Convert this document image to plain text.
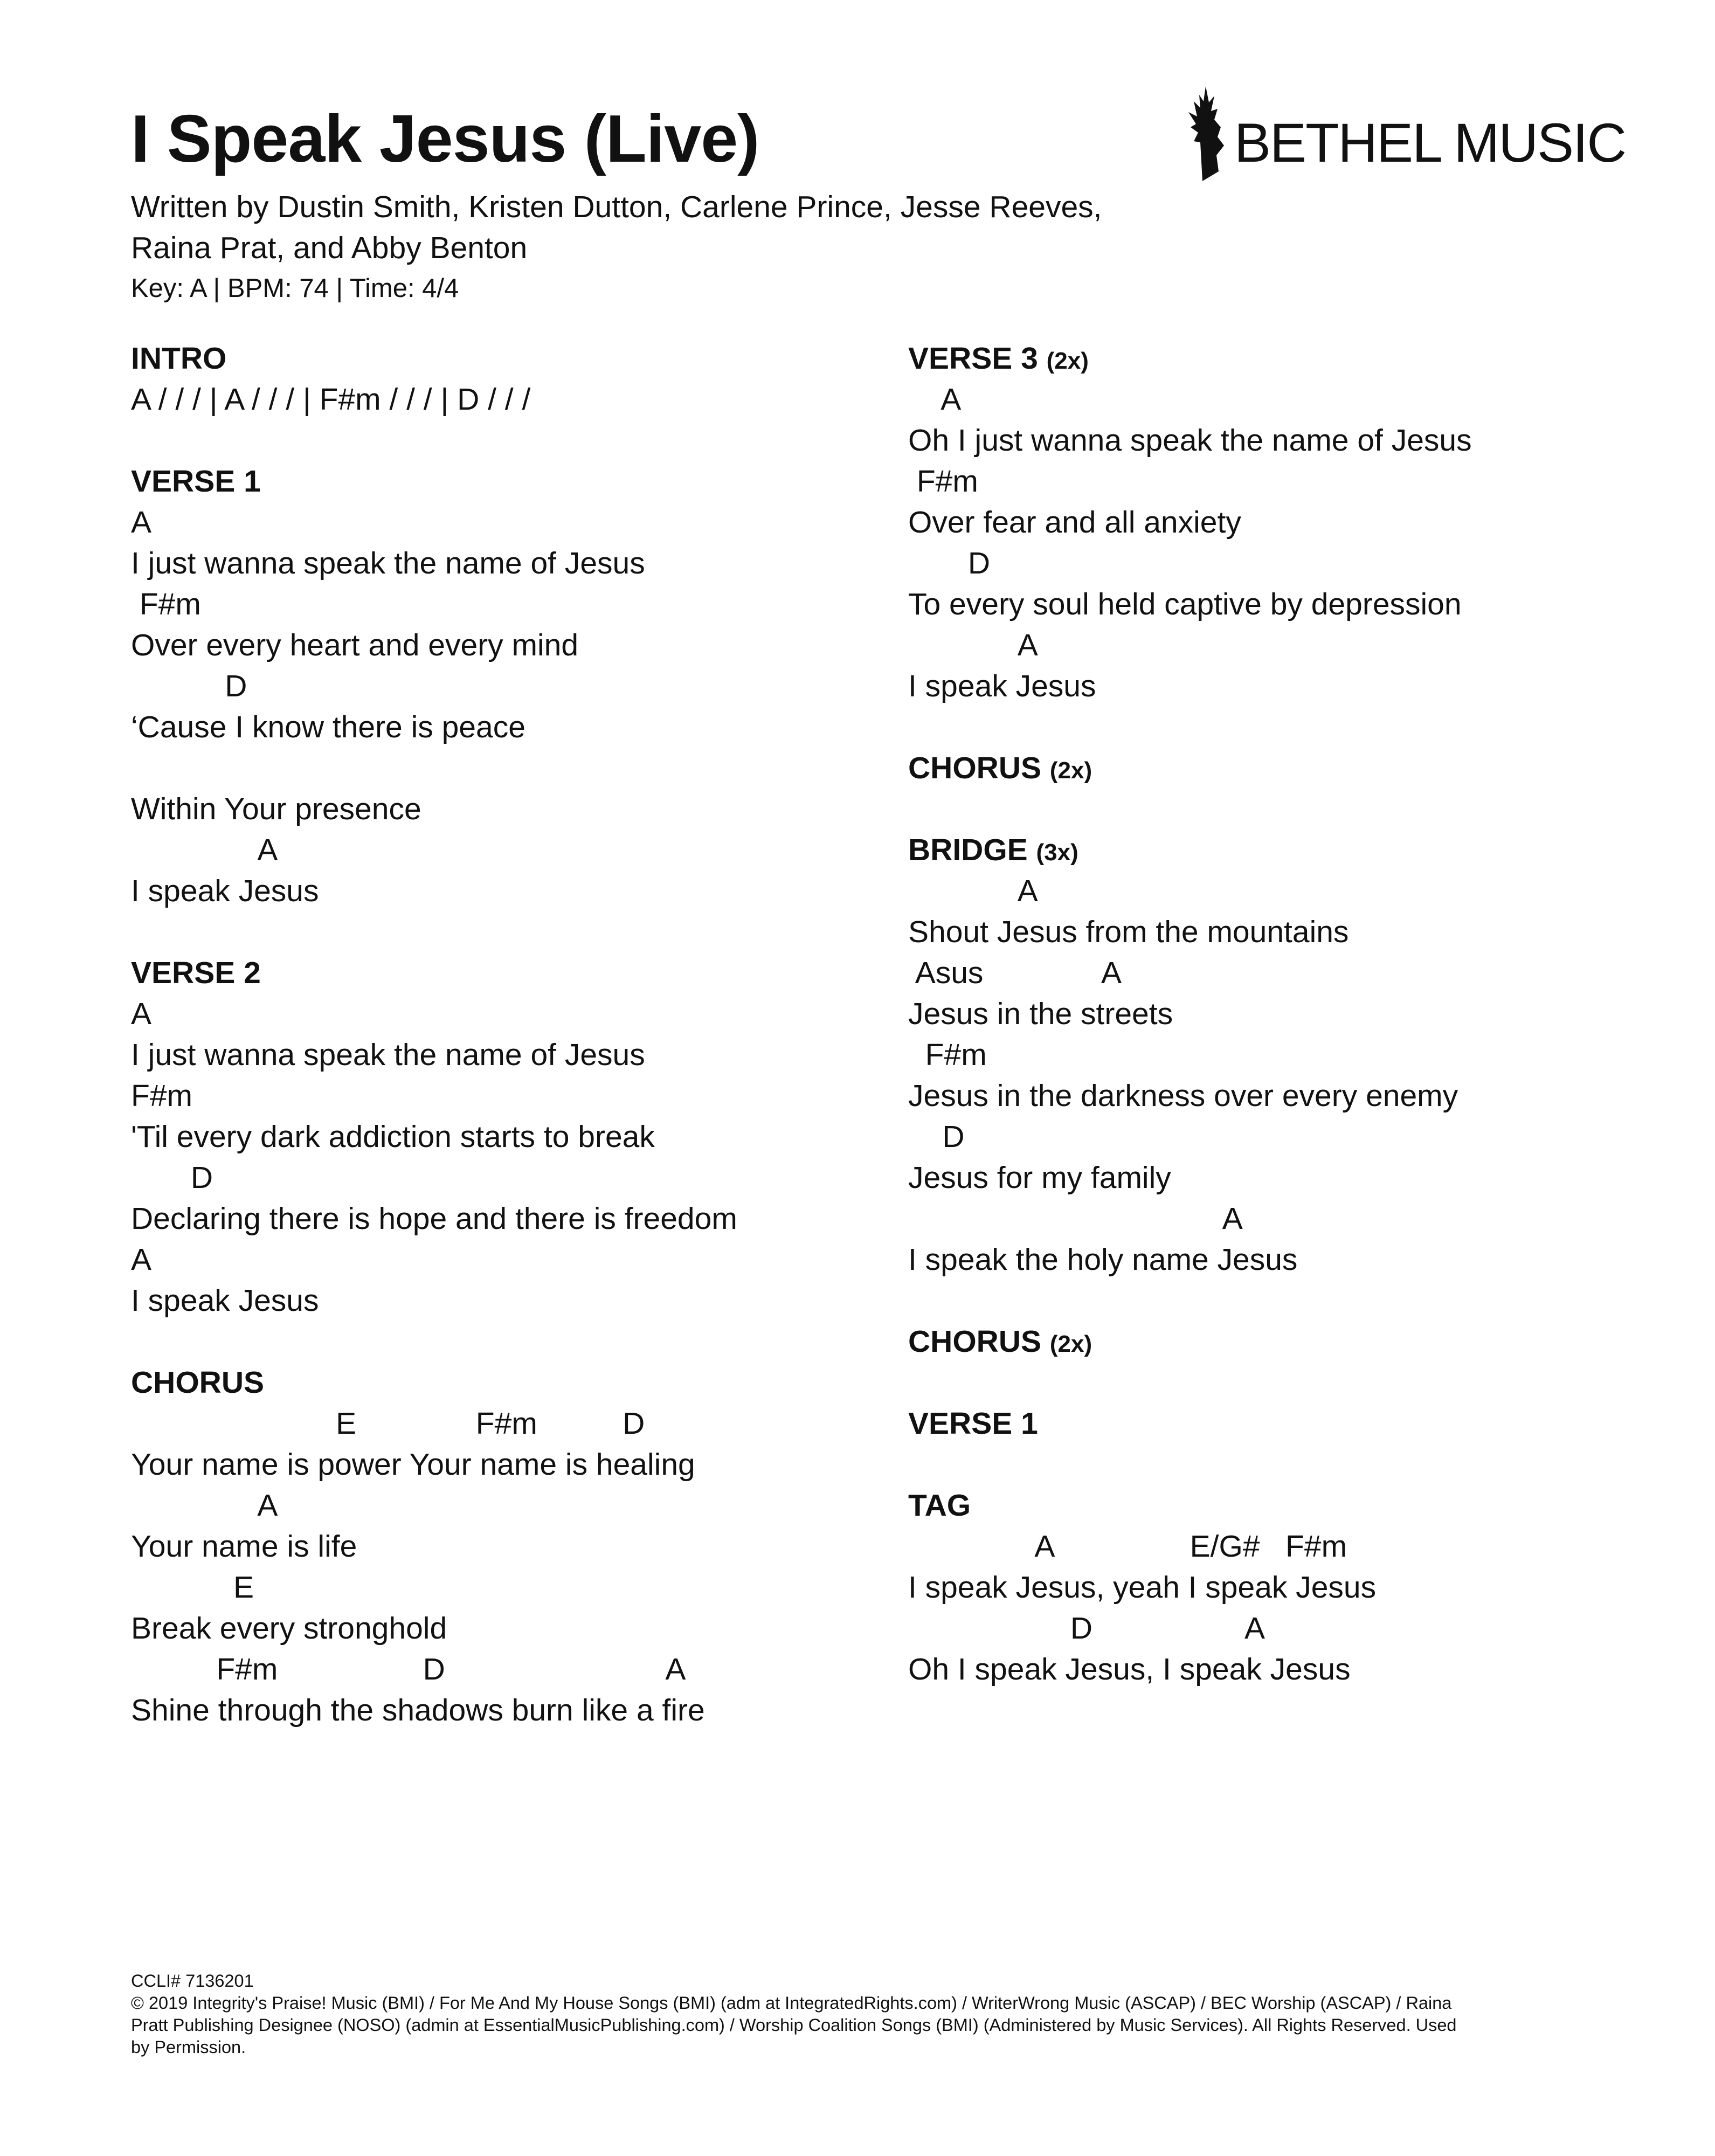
I Speak Jesus (Live)	BETHEL MUSIC
Written by Dustin Smith, Kristen Dutton, Carlene Prince, Jesse Reeves,
Raina Prat, and Abby Benton
Key: A | BPM: 74 | Time: 4/4
INTRO
A / / / | A / / / | F#m / / / | D / / /
VERSE 1
A
I just wanna speak the name of Jesus
F#m
Over every heart and every mind
D
‘Cause I know there is peace
Within Your presence
A
I speak Jesus
VERSE 2
A
I just wanna speak the name of Jesus
F#m
'Til every dark addiction starts to break
D
Declaring there is hope and there is freedom
A
I speak Jesus
CHORUS
E              F#m          D
Your name is power Your name is healing
A
Your name is life
E
Break every stronghold
F#m                 D                          A
Shine through the shadows burn like a fire
VERSE 3 (2x)
A
Oh I just wanna speak the name of Jesus
F#m
Over fear and all anxiety
D
To every soul held captive by depression
A
I speak Jesus
CHORUS (2x)
BRIDGE (3x)
A
Shout Jesus from the mountains
Asus              A
Jesus in the streets
F#m
Jesus in the darkness over every enemy
D
Jesus for my family
A
I speak the holy name Jesus
CHORUS (2x)
VERSE 1
TAG
A                E/G#   F#m
I speak Jesus, yeah I speak Jesus
D                  A
Oh I speak Jesus, I speak Jesus
CCLI# 7136201
© 2019 Integrity's Praise! Music (BMI) / For Me And My House Songs (BMI) (adm at IntegratedRights.com) / WriterWrong Music (ASCAP) / BEC Worship (ASCAP) / Raina
Pratt Publishing Designee (NOSO) (admin at EssentialMusicPublishing.com) / Worship Coalition Songs (BMI) (Administered by Music Services). All Rights Reserved. Used
by Permission.
